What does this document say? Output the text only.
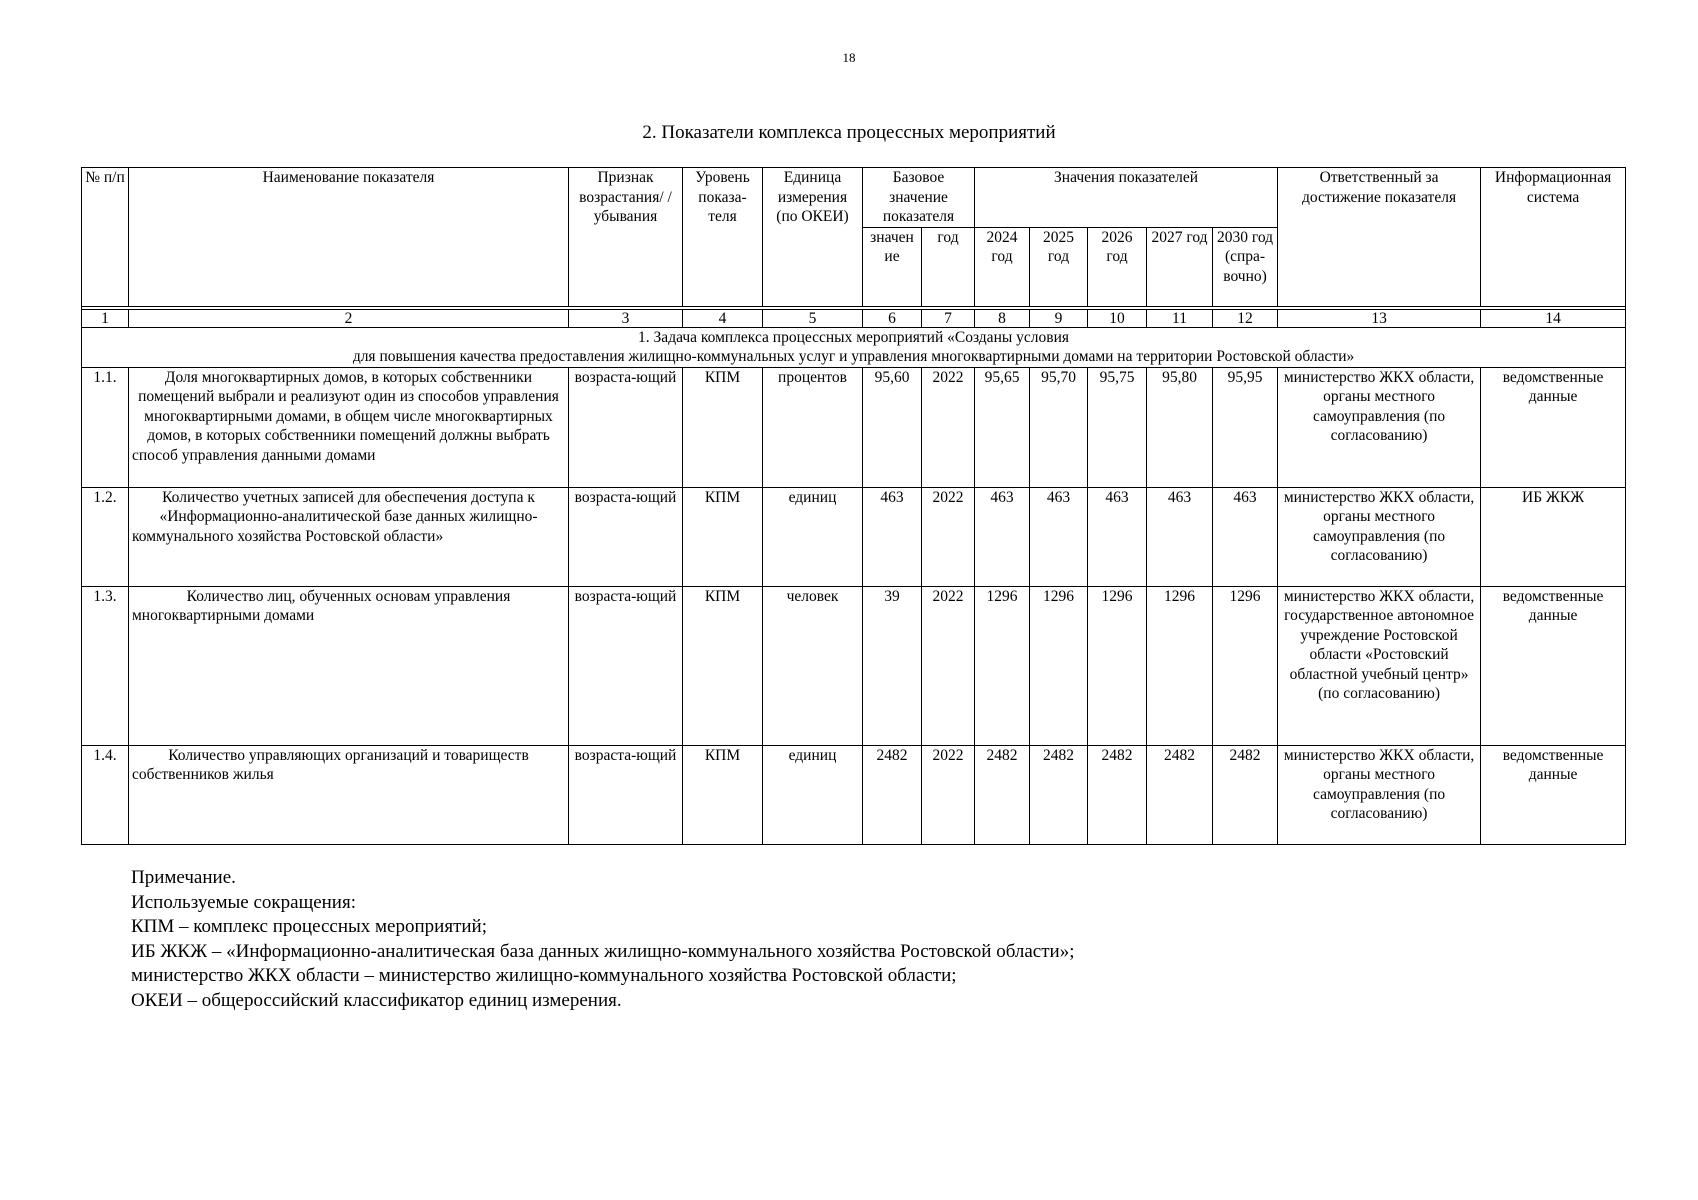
18
2. Показатели комплекса процессных мероприятий
№ п/п	Наименование показателя	Признак возрастания/ /убывания	Уровень показа-теля	Единица измерения (по ОКЕИ)	Базовое значение показателя		Значения показателей					Ответственный за достижение показателя	Информационная система
					значен ие	год	2024 год	2025 год	2026 год	2027 год	2030 год (спра-вочно)		

1	2	3	4	5	6	7	8	9	10	11	12	13	14

1. Задача комплекса процессных мероприятий «Созданы условия
для повышения качества предоставления жилищно-коммунальных услуг и управления многоквартирными домами на территории Ростовской области»													

1.1.	Доля многоквартирных домов, в которых собственники помещений выбрали и реализуют один из способов управления многоквартирными домами, в общем числе многоквартирных домов, в которых собственники помещений должны выбрать способ управления данными домами	возраста-ющий	КПМ	процентов	95,60	2022	95,65	95,70	95,75	95,80	95,95	министерство ЖКХ области, органы местного самоуправления (по согласованию)	ведомственные данные
1.2.	Количество учетных записей для обеспечения доступа к «Информационно-аналитической базе данных жилищно-коммунального хозяйства Ростовской области»	возраста-ющий	КПМ	единиц	463	2022	463	463	463	463	463	министерство ЖКХ области, органы местного самоуправления (по согласованию)	ИБ ЖКЖ
1.3.	Количество лиц, обученных основам управления многоквартирными домами	возраста-ющий	КПМ	человек	39	2022	1296	1296	1296	1296	1296	министерство ЖКХ области, государственное автономное учреждение Ростовской области «Ростовский областной учебный центр» (по согласованию)	ведомственные данные
1.4.	Количество управляющих организаций и товариществ собственников жилья	возраста-ющий	КПМ	единиц	2482	2022	2482	2482	2482	2482	2482	министерство ЖКХ области, органы местного самоуправления (по согласованию)	ведомственные данные
Примечание.
Используемые сокращения:
КПМ – комплекс процессных мероприятий;
ИБ ЖКЖ – «Информационно-аналитическая база данных жилищно-коммунального хозяйства Ростовской области»;
министерство ЖКХ области – министерство жилищно-коммунального хозяйства Ростовской области;
ОКЕИ – общероссийский классификатор единиц измерения.
